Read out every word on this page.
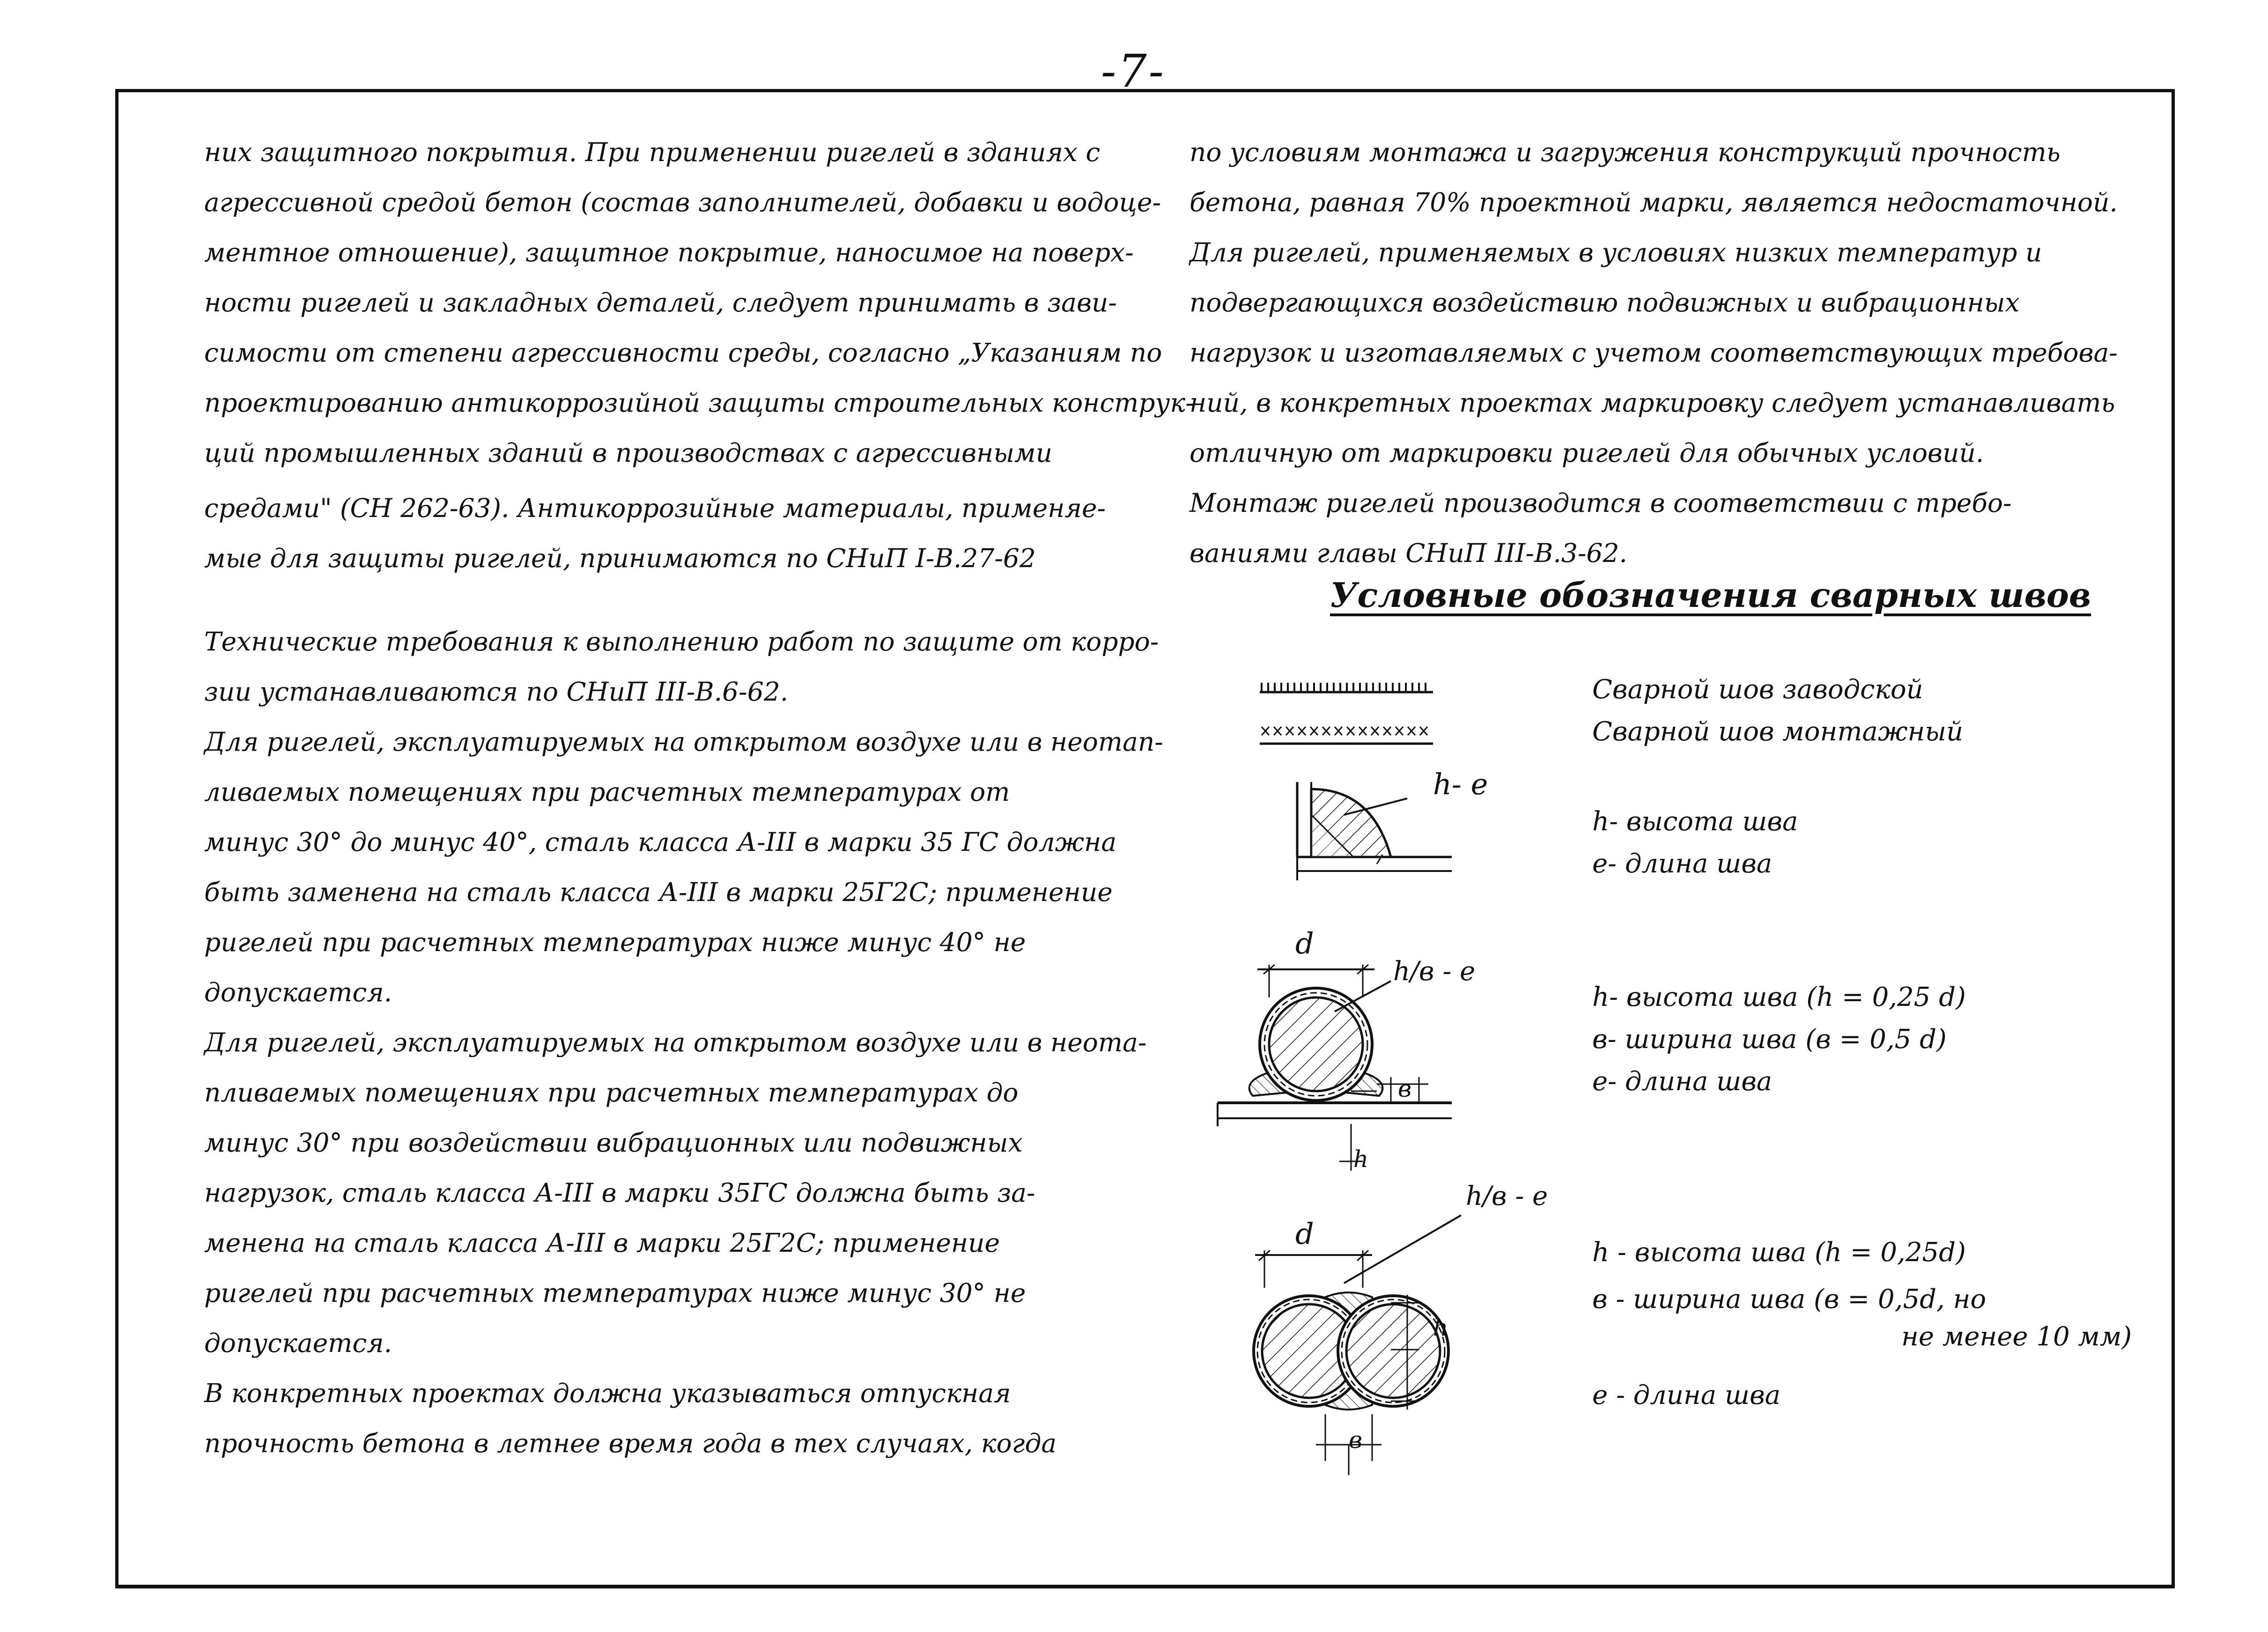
-7-
них защитного покрытия. При применении ригелей в зданиях с
агрессивной средой бетон (состав заполнителей, добавки и водоце-
ментное отношение), защитное покрытие, наносимое на поверх-
ности ригелей и закладных деталей, следует принимать в зави-
симости от степени агрессивности среды, согласно „Указаниям по
проектированию антикоррозийной защиты строительных конструк-
ций промышленных зданий в производствах с агрессивными
средами" (СН 262-63). Антикоррозийные материалы, применяе-
мые для защиты ригелей, принимаются по СНиП I-В.27-62
Технические требования к выполнению работ по защите от корро-
зии устанавливаются по СНиП III-В.6-62.
Для ригелей, эксплуатируемых на открытом воздухе или в неотап-
ливаемых помещениях при расчетных температурах от
минус 30° до минус 40°, сталь класса А-III в марки 35 ГС должна
быть заменена на сталь класса А-III в марки 25Г2С; применение
ригелей при расчетных температурах ниже минус 40° не
допускается.
Для ригелей, эксплуатируемых на открытом воздухе или в неота-
пливаемых помещениях при расчетных температурах до
минус 30° при воздействии вибрационных или подвижных
нагрузок, сталь класса А-III в марки 35ГС должна быть за-
менена на сталь класса А-III в марки 25Г2С; применение
ригелей при расчетных температурах ниже минус 30° не
допускается.
В конкретных проектах должна указываться отпускная
прочность бетона в летнее время года в тех случаях, когда
по условиям монтажа и загружения конструкций прочность
бетона, равная 70% проектной марки, является недостаточной.
Для ригелей, применяемых в условиях низких температур и
подвергающихся воздействию подвижных и вибрационных
нагрузок и изготавляемых с учетом соответствующих требова-
ний, в конкретных проектах маркировку следует устанавливать
отличную от маркировки ригелей для обычных условий.
Монтаж ригелей производится в соответствии с требо-
ваниями главы СНиП III-В.3-62.
Условные обозначения сварных швов
Сварной шов заводской
Сварной шов монтажный
h- e
h- высота шва
e- длина шва
d
h/в - e
в
h
h- высота шва (h = 0,25 d)
в- ширина шва (в = 0,5 d)
e- длина шва
d
h/в - e
в
h
h - высота шва (h = 0,25d)
в - ширина шва (в = 0,5d, но
не менее 10 мм)
e - длина шва
